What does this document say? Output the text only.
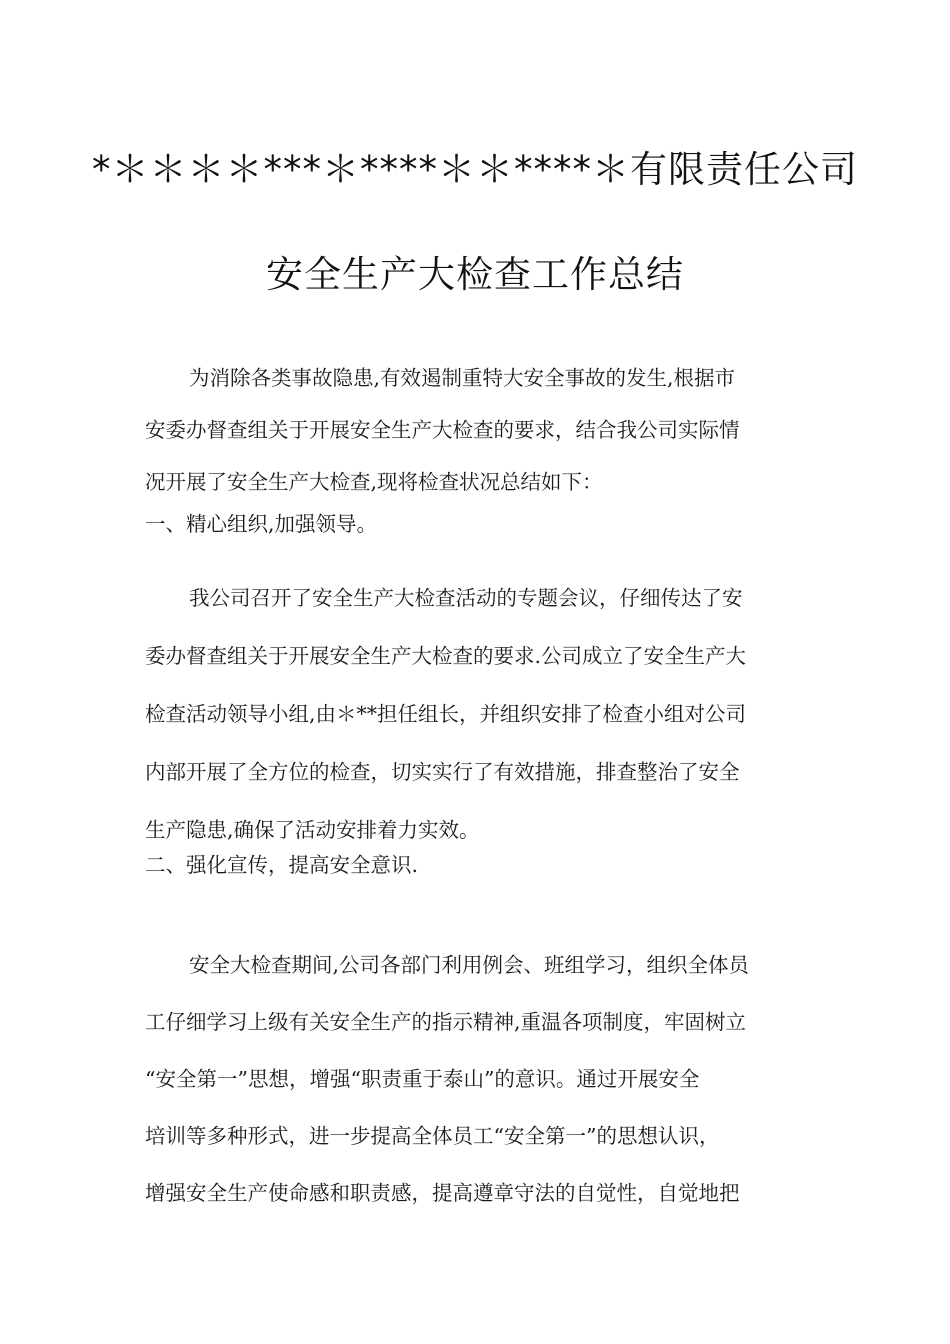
*＊＊＊＊***＊****＊＊****＊有限责任公司
安全生产大检查工作总结
为消除各类事故隐患,有效遏制重特大安全事故的发生,根据市
安委办督查组关于开展安全生产大检查的要求，结合我公司实际情
况开展了安全生产大检查,现将检查状况总结如下：
一、精心组织,加强领导。
我公司召开了安全生产大检查活动的专题会议，仔细传达了安
委办督查组关于开展安全生产大检查的要求.公司成立了安全生产大
检查活动领导小组,由＊**担任组长，并组织安排了检查小组对公司
内部开展了全方位的检查，切实实行了有效措施，排查整治了安全
生产隐患,确保了活动安排着力实效。
二、强化宣传，提高安全意识.
安全大检查期间,公司各部门利用例会、班组学习，组织全体员
工仔细学习上级有关安全生产的指示精神,重温各项制度，牢固树立
“安全第一”思想，增强“职责重于泰山”的意识。通过开展安全
培训等多种形式，进一步提高全体员工“安全第一”的思想认识，
增强安全生产使命感和职责感，提高遵章守法的自觉性，自觉地把
